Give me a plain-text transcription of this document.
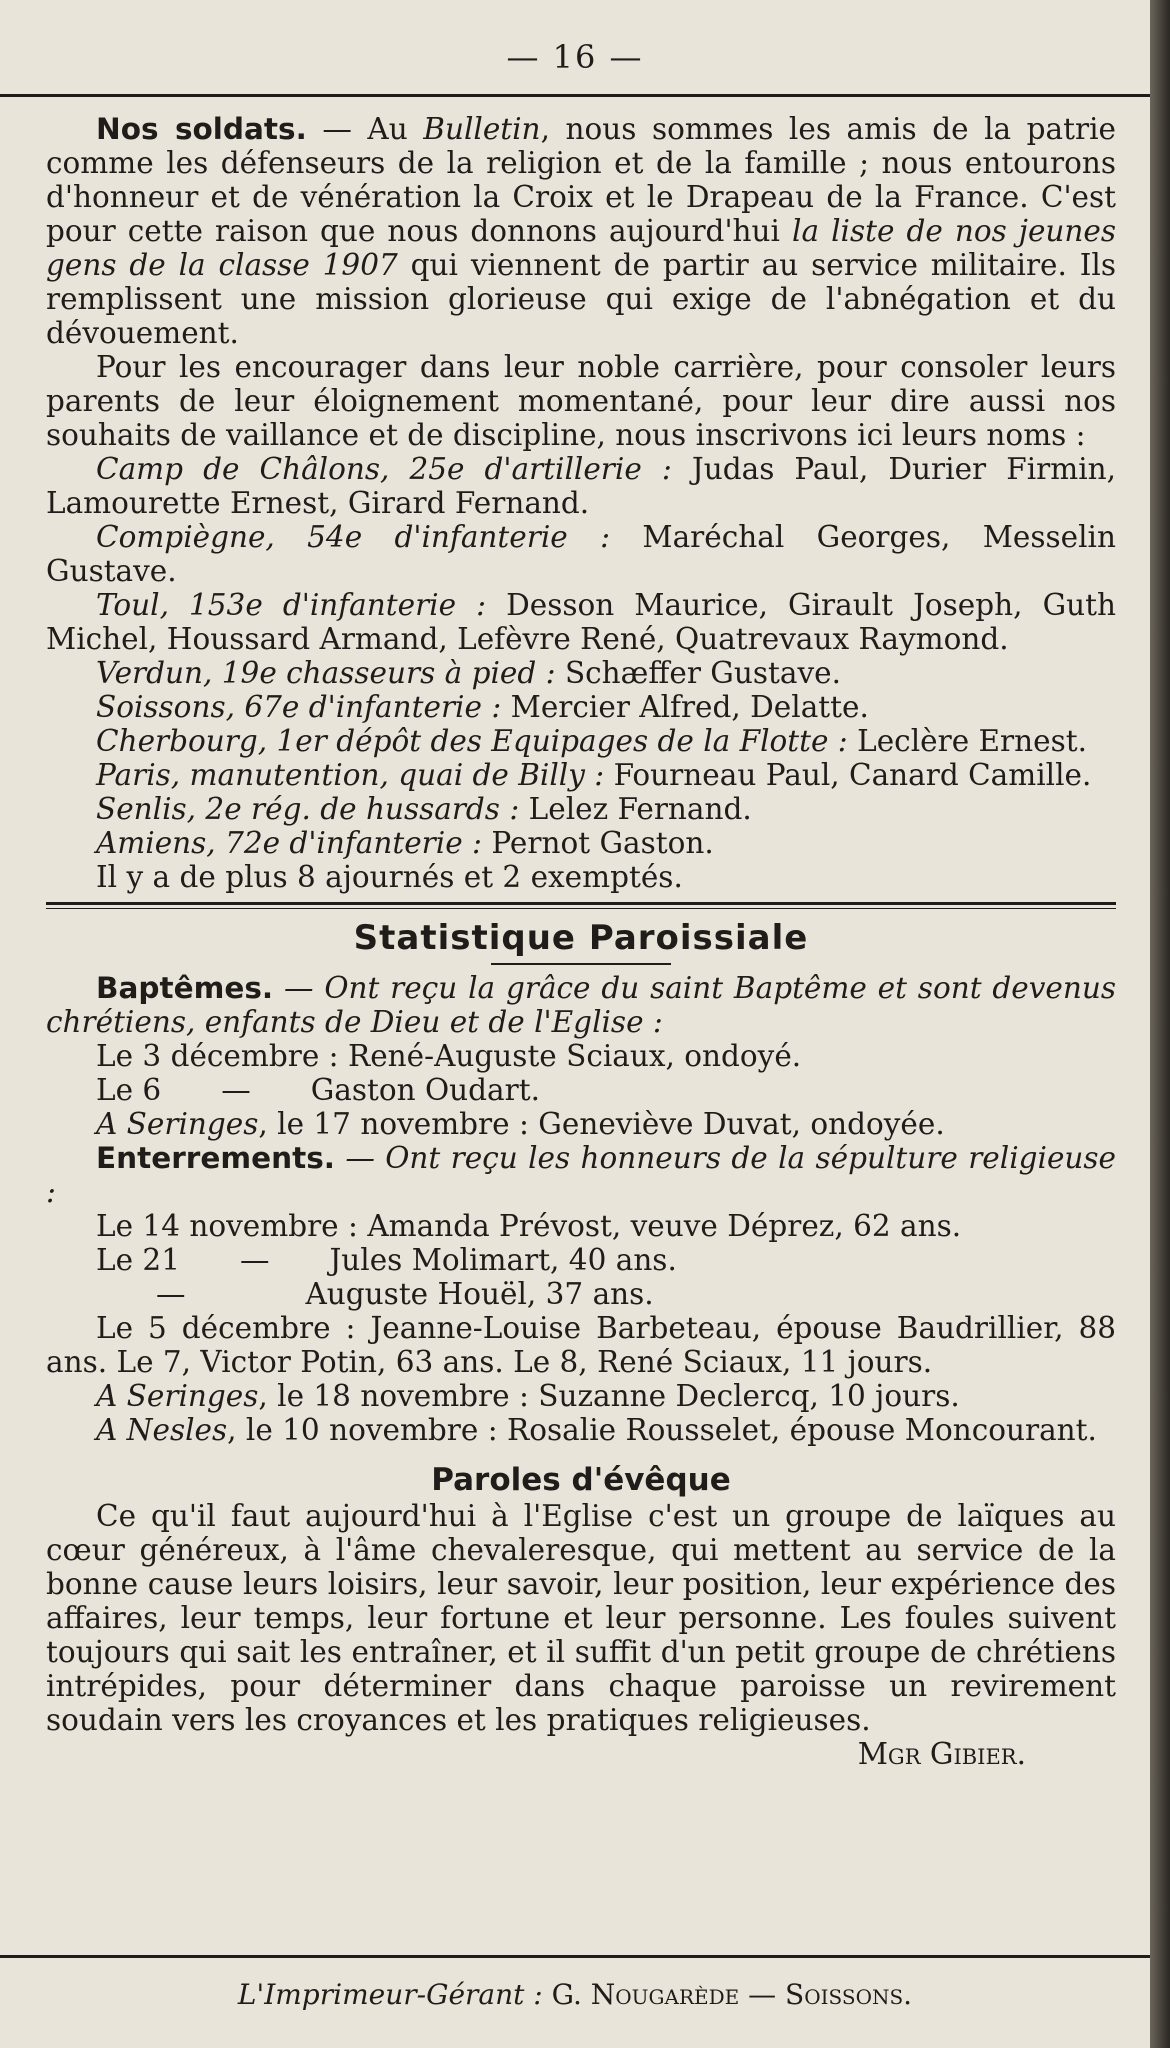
— 16 —

Nos soldats. — Au Bulletin, nous sommes les amis de la patrie comme les défenseurs de la religion et de la famille ; nous entourons d'honneur et de vénération la Croix et le Drapeau de la France. C'est pour cette raison que nous donnons aujourd'hui la liste de nos jeunes gens de la classe 1907 qui viennent de partir au service militaire. Ils remplissent une mission glorieuse qui exige de l'abnégation et du dévouement.

Pour les encourager dans leur noble carrière, pour consoler leurs parents de leur éloignement momentané, pour leur dire aussi nos souhaits de vaillance et de discipline, nous inscrivons ici leurs noms :

Camp de Châlons, 25e d'artillerie : Judas Paul, Durier Firmin, Lamourette Ernest, Girard Fernand.

Compiègne, 54e d'infanterie : Maréchal Georges, Messelin Gustave.

Toul, 153e d'infanterie : Desson Maurice, Girault Joseph, Guth Michel, Houssard Armand, Lefèvre René, Quatrevaux Raymond.

Verdun, 19e chasseurs à pied : Schæffer Gustave.

Soissons, 67e d'infanterie : Mercier Alfred, Delatte.

Cherbourg, 1er dépôt des Equipages de la Flotte : Leclère Ernest.

Paris, manutention, quai de Billy : Fourneau Paul, Canard Camille.

Senlis, 2e rég. de hussards : Lelez Fernand.

Amiens, 72e d'infanterie : Pernot Gaston.

Il y a de plus 8 ajournés et 2 exemptés.

Statistique Paroissiale

Baptêmes. — Ont reçu la grâce du saint Baptême et sont devenus chrétiens, enfants de Dieu et de l'Eglise :

Le 3 décembre : René-Auguste Sciaux, ondoyé.

Le 6 — Gaston Oudart.

A Seringes, le 17 novembre : Geneviève Duvat, ondoyée.

Enterrements. — Ont reçu les honneurs de la sépulture religieuse :

Le 14 novembre : Amanda Prévost, veuve Déprez, 62 ans.

Le 21 — Jules Molimart, 40 ans.

—	Auguste Houël, 37 ans.

Le 5 décembre : Jeanne-Louise Barbeteau, épouse Baudrillier, 88 ans. Le 7, Victor Potin, 63 ans. Le 8, René Sciaux, 11 jours.

A Seringes, le 18 novembre : Suzanne Declercq, 10 jours.

A Nesles, le 10 novembre : Rosalie Rousselet, épouse Moncourant.

Paroles d'évêque

Ce qu'il faut aujourd'hui à l'Eglise c'est un groupe de laïques au cœur généreux, à l'âme chevaleresque, qui mettent au service de la bonne cause leurs loisirs, leur savoir, leur position, leur expérience des affaires, leur temps, leur fortune et leur personne. Les foules suivent toujours qui sait les entraîner, et il suffit d'un petit groupe de chrétiens intrépides, pour déterminer dans chaque paroisse un revirement soudain vers les croyances et les pratiques religieuses.

Mgr Gibier.

L'Imprimeur-Gérant : G. Nougarède — Soissons.
